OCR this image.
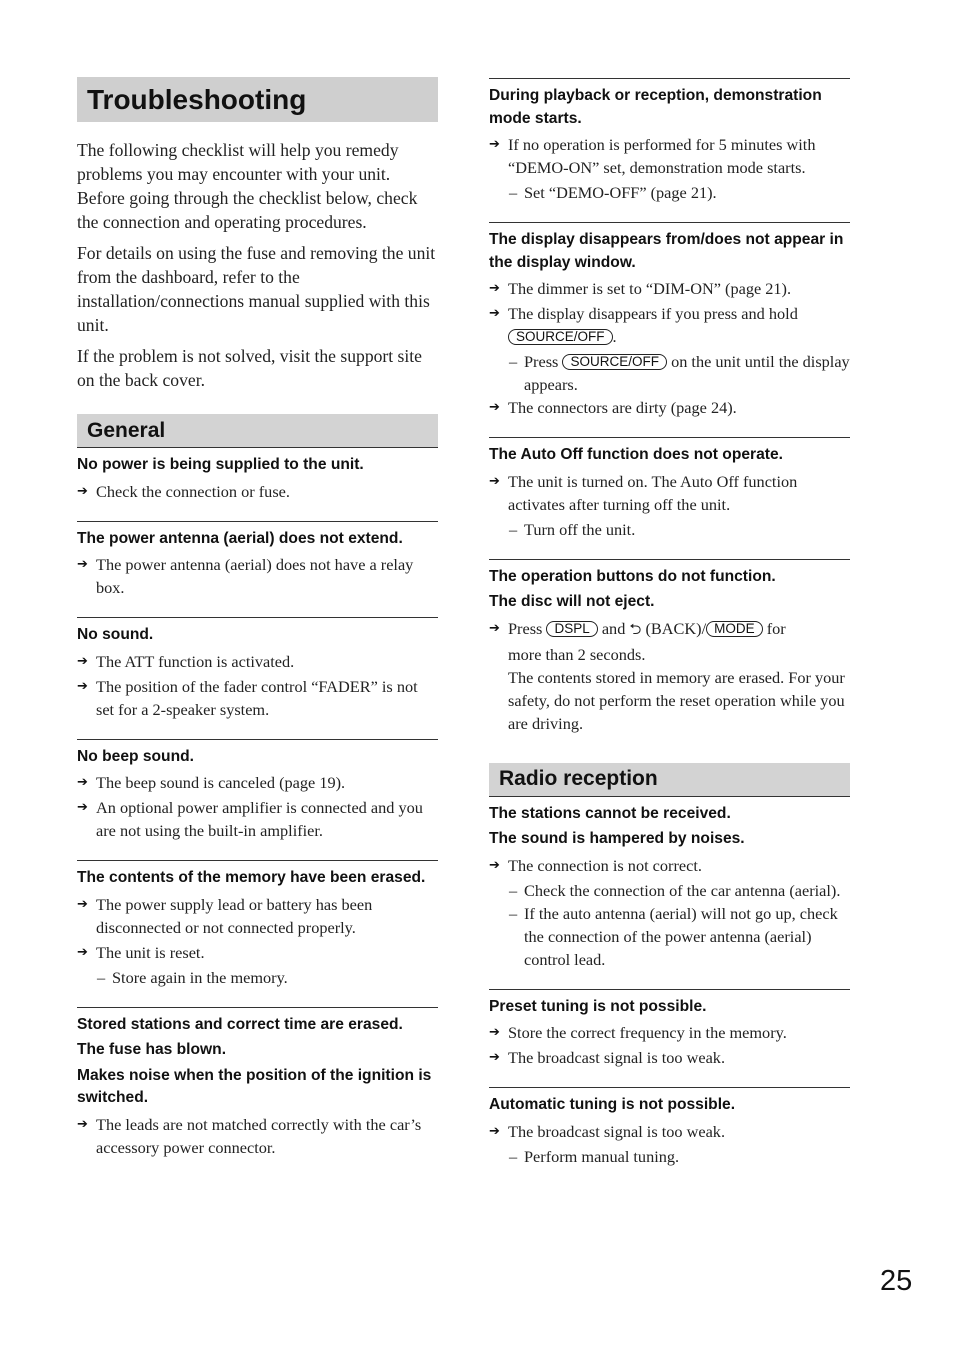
Troubleshooting

The following checklist will help you remedy problems you may encounter with your unit. Before going through the checklist below, check the connection and operating procedures.

For details on using the fuse and removing the unit from the dashboard, refer to the installation/connections manual supplied with this unit.

If the problem is not solved, visit the support site on the back cover.

General
No power is being supplied to the unit.
➔ Check the connection or fuse.
The power antenna (aerial) does not extend.
➔ The power antenna (aerial) does not have a relay box.
No sound.
➔ The ATT function is activated.
➔ The position of the fader control “FADER” is not set for a 2-speaker system.
No beep sound.
➔ The beep sound is canceled (page 19).
➔ An optional power amplifier is connected and you are not using the built-in amplifier.
The contents of the memory have been erased.
➔ The power supply lead or battery has been disconnected or not connected properly.
➔ The unit is reset.
– Store again in the memory.
Stored stations and correct time are erased.
The fuse has blown.
Makes noise when the position of the ignition is switched.
➔ The leads are not matched correctly with the car’s accessory power connector.
During playback or reception, demonstration mode starts.
➔ If no operation is performed for 5 minutes with “DEMO-ON” set, demonstration mode starts.
– Set “DEMO-OFF” (page 21).
The display disappears from/does not appear in the display window.
➔ The dimmer is set to “DIM-ON” (page 21).
➔ The display disappears if you press and hold SOURCE/OFF .
– Press SOURCE/OFF on the unit until the display appears.
➔ The connectors are dirty (page 24).
The Auto Off function does not operate.
➔ The unit is turned on. The Auto Off function activates after turning off the unit.
– Turn off the unit.
The operation buttons do not function.
The disc will not eject.
➔ Press DSPL and ⮌ (BACK)/ MODE for
more than 2 seconds.
The contents stored in memory are erased. For your safety, do not perform the reset operation while you are driving.
Radio reception
The stations cannot be received.
The sound is hampered by noises.
➔ The connection is not correct.
– Check the connection of the car antenna (aerial).
– If the auto antenna (aerial) will not go up, check the connection of the power antenna (aerial) control lead.
Preset tuning is not possible.
➔ Store the correct frequency in the memory.
➔ The broadcast signal is too weak.
Automatic tuning is not possible.
➔ The broadcast signal is too weak.
– Perform manual tuning.
25
